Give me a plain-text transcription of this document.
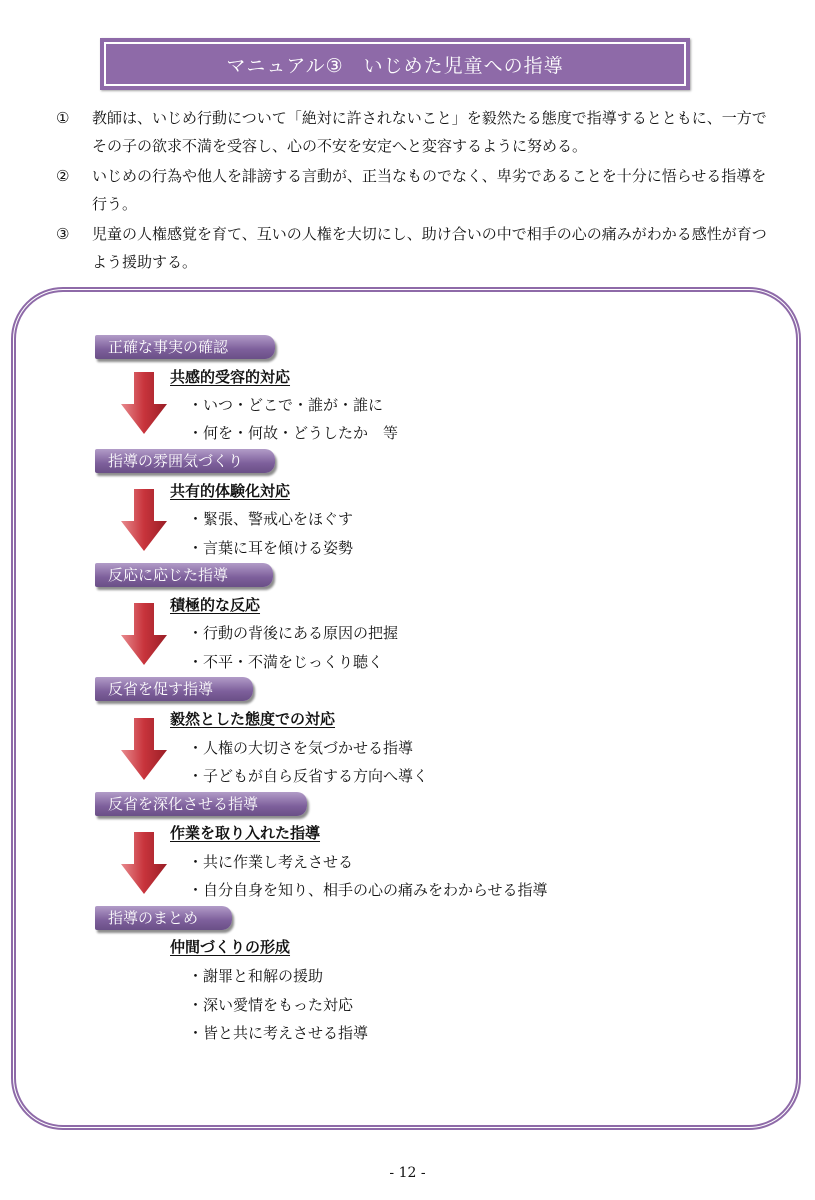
マニュアル③　いじめた児童への指導
①	教師は、いじめ行動について「絶対に許されないこと」を毅然たる態度で指導するとともに、一方でその子の欲求不満を受容し、心の不安を安定へと変容するように努める。
②	いじめの行為や他人を誹謗する言動が、正当なものでなく、卑劣であることを十分に悟らせる指導を行う。
③	児童の人権感覚を育て、互いの人権を大切にし、助け合いの中で相手の心の痛みがわかる感性が育つよう援助する。
正確な事実の確認
共感的受容的対応
・いつ・どこで・誰が・誰に
・何を・何故・どうしたか　等
指導の雰囲気づくり
共有的体験化対応
・緊張、警戒心をほぐす
・言葉に耳を傾ける姿勢
反応に応じた指導
積極的な反応
・行動の背後にある原因の把握
・不平・不満をじっくり聴く
反省を促す指導
毅然とした態度での対応
・人権の大切さを気づかせる指導
・子どもが自ら反省する方向へ導く
反省を深化させる指導
作業を取り入れた指導
・共に作業し考えさせる
・自分自身を知り、相手の心の痛みをわからせる指導
指導のまとめ
仲間づくりの形成
・謝罪と和解の援助
・深い愛情をもった対応
・皆と共に考えさせる指導
- 12 -
